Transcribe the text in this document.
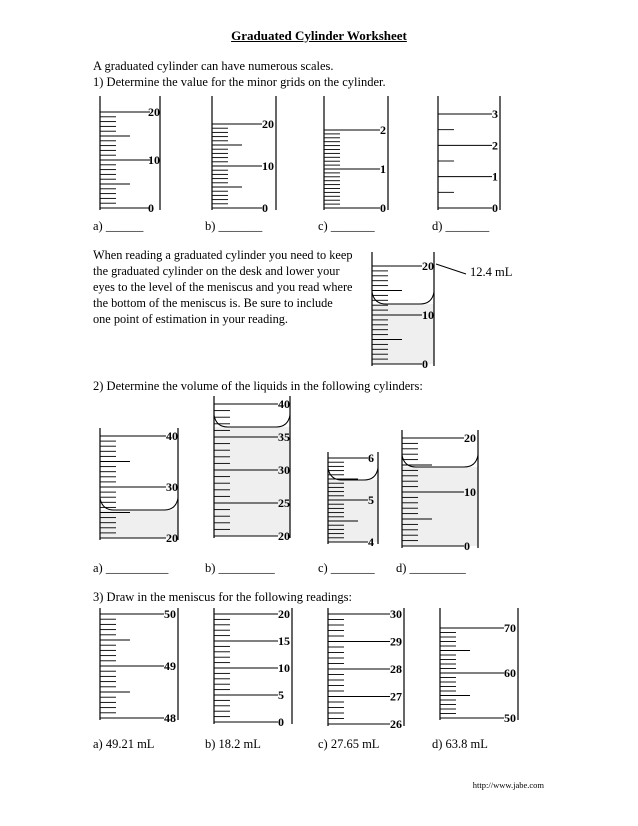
Graduated Cylinder Worksheet
A graduated cylinder can have numerous scales.
1) Determine the value for the minor grids on the cylinder.
20
10
0
20
10
0
2
1
0
3
2
1
0
a) ______	b) _______	c) _______	d) _______
When reading a graduated cylinder you need to keep the graduated cylinder on the desk and lower your eyes to the level of the meniscus and you read where the bottom of the meniscus is. Be sure to include one point of estimation in your reading.
20
10
0
12.4 mL
2) Determine the volume of the liquids in the following cylinders:
40
30
20
40
35
30
25
20
6
5
4
20
10
0
a) __________	b) _________	c) _______ d) _________
3) Draw in the meniscus for the following readings:
50
49
48
20
15
10
5
0
30
29
28
27
26
70
60
50
a) 49.21 mL	b) 18.2 mL	c) 27.65 mL	d) 63.8 mL
http://www.jabe.com
